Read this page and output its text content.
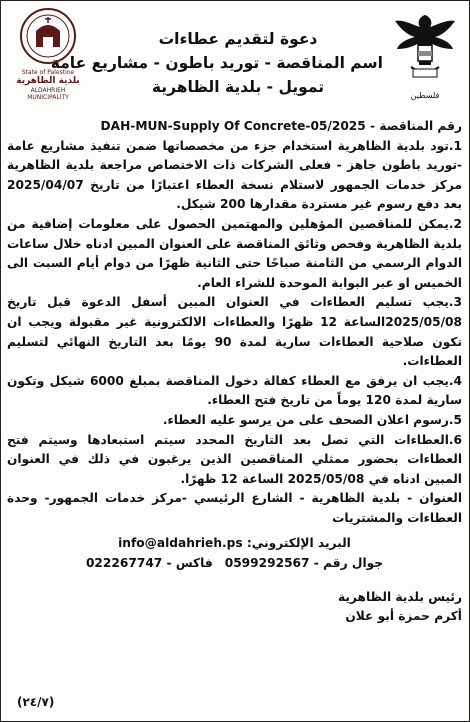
فلسطين
State of Palestine
بلدية الظاهرية
ALDAHRIEH MUNICIPALITY
دعوة لتقديم عطاءات
اسم المناقصة - توريد باطون - مشاريع عامة
تمويل - بلدية الظاهرية

رقم المناقصة - DAH-MUN-Supply Of Concrete-05/2025

1.تود بلدية الظاهرية استخدام جزء من مخصصاتها ضمن تنفيذ مشاريع عامة -توريد باطون جاهز - فعلى الشركات ذات الاختصاص مراجعة بلدية الظاهرية مركز خدمات الجمهور لاستلام نسخة العطاء اعتبارًا من تاريخ 2025/04/07 بعد دفع رسوم غير مستردة مقدارها 200 شيكل.

2.يمكن للمناقصين المؤهلين والمهتمين الحصول على معلومات إضافية من بلدية الظاهرية وفحص وثائق المناقصة على العنوان المبين ادناه خلال ساعات الدوام الرسمي من الثامنة صباحًا حتى الثانية ظهرًا من دوام أيام السبت الى الخميس او عبر البوابة الموحدة للشراء العام.

3.يجب تسليم العطاءات في العنوان المبين أسفل الدعوة قبل تاريخ 2025/05/08الساعة 12 ظهرًا والعطاءات الالكترونية غير مقبولة ويجب ان تكون صلاحية العطاءات سارية لمدة 90 يومًا بعد التاريخ النهائي لتسليم العطاءات.

4.يجب ان يرفق مع العطاء كفالة دخول المناقصة بمبلغ 6000 شيكل وتكون سارية لمدة 120 يوماً من تاريخ فتح العطاء.

5.رسوم اعلان الصحف على من يرسو عليه العطاء.

6.العطاءات التي تصل بعد التاريخ المحدد سيتم استبعادها وسيتم فتح العطاءات بحضور ممثلي المناقصين الذين يرغبون في ذلك في العنوان المبين ادناه في 2025/05/08 الساعة 12 ظهرًا.

العنوان - بلدية الظاهرية - الشارع الرئيسي -مركز خدمات الجمهور- وحدة العطاءات والمشتريات

البريد الإلكتروني: info@aldahrieh.ps
جوال رقم - 0599292567
فاكس - 022267747
رئيس بلدية الظاهرية
أكرم حمزة أبو علان
(٢٤/٧)
